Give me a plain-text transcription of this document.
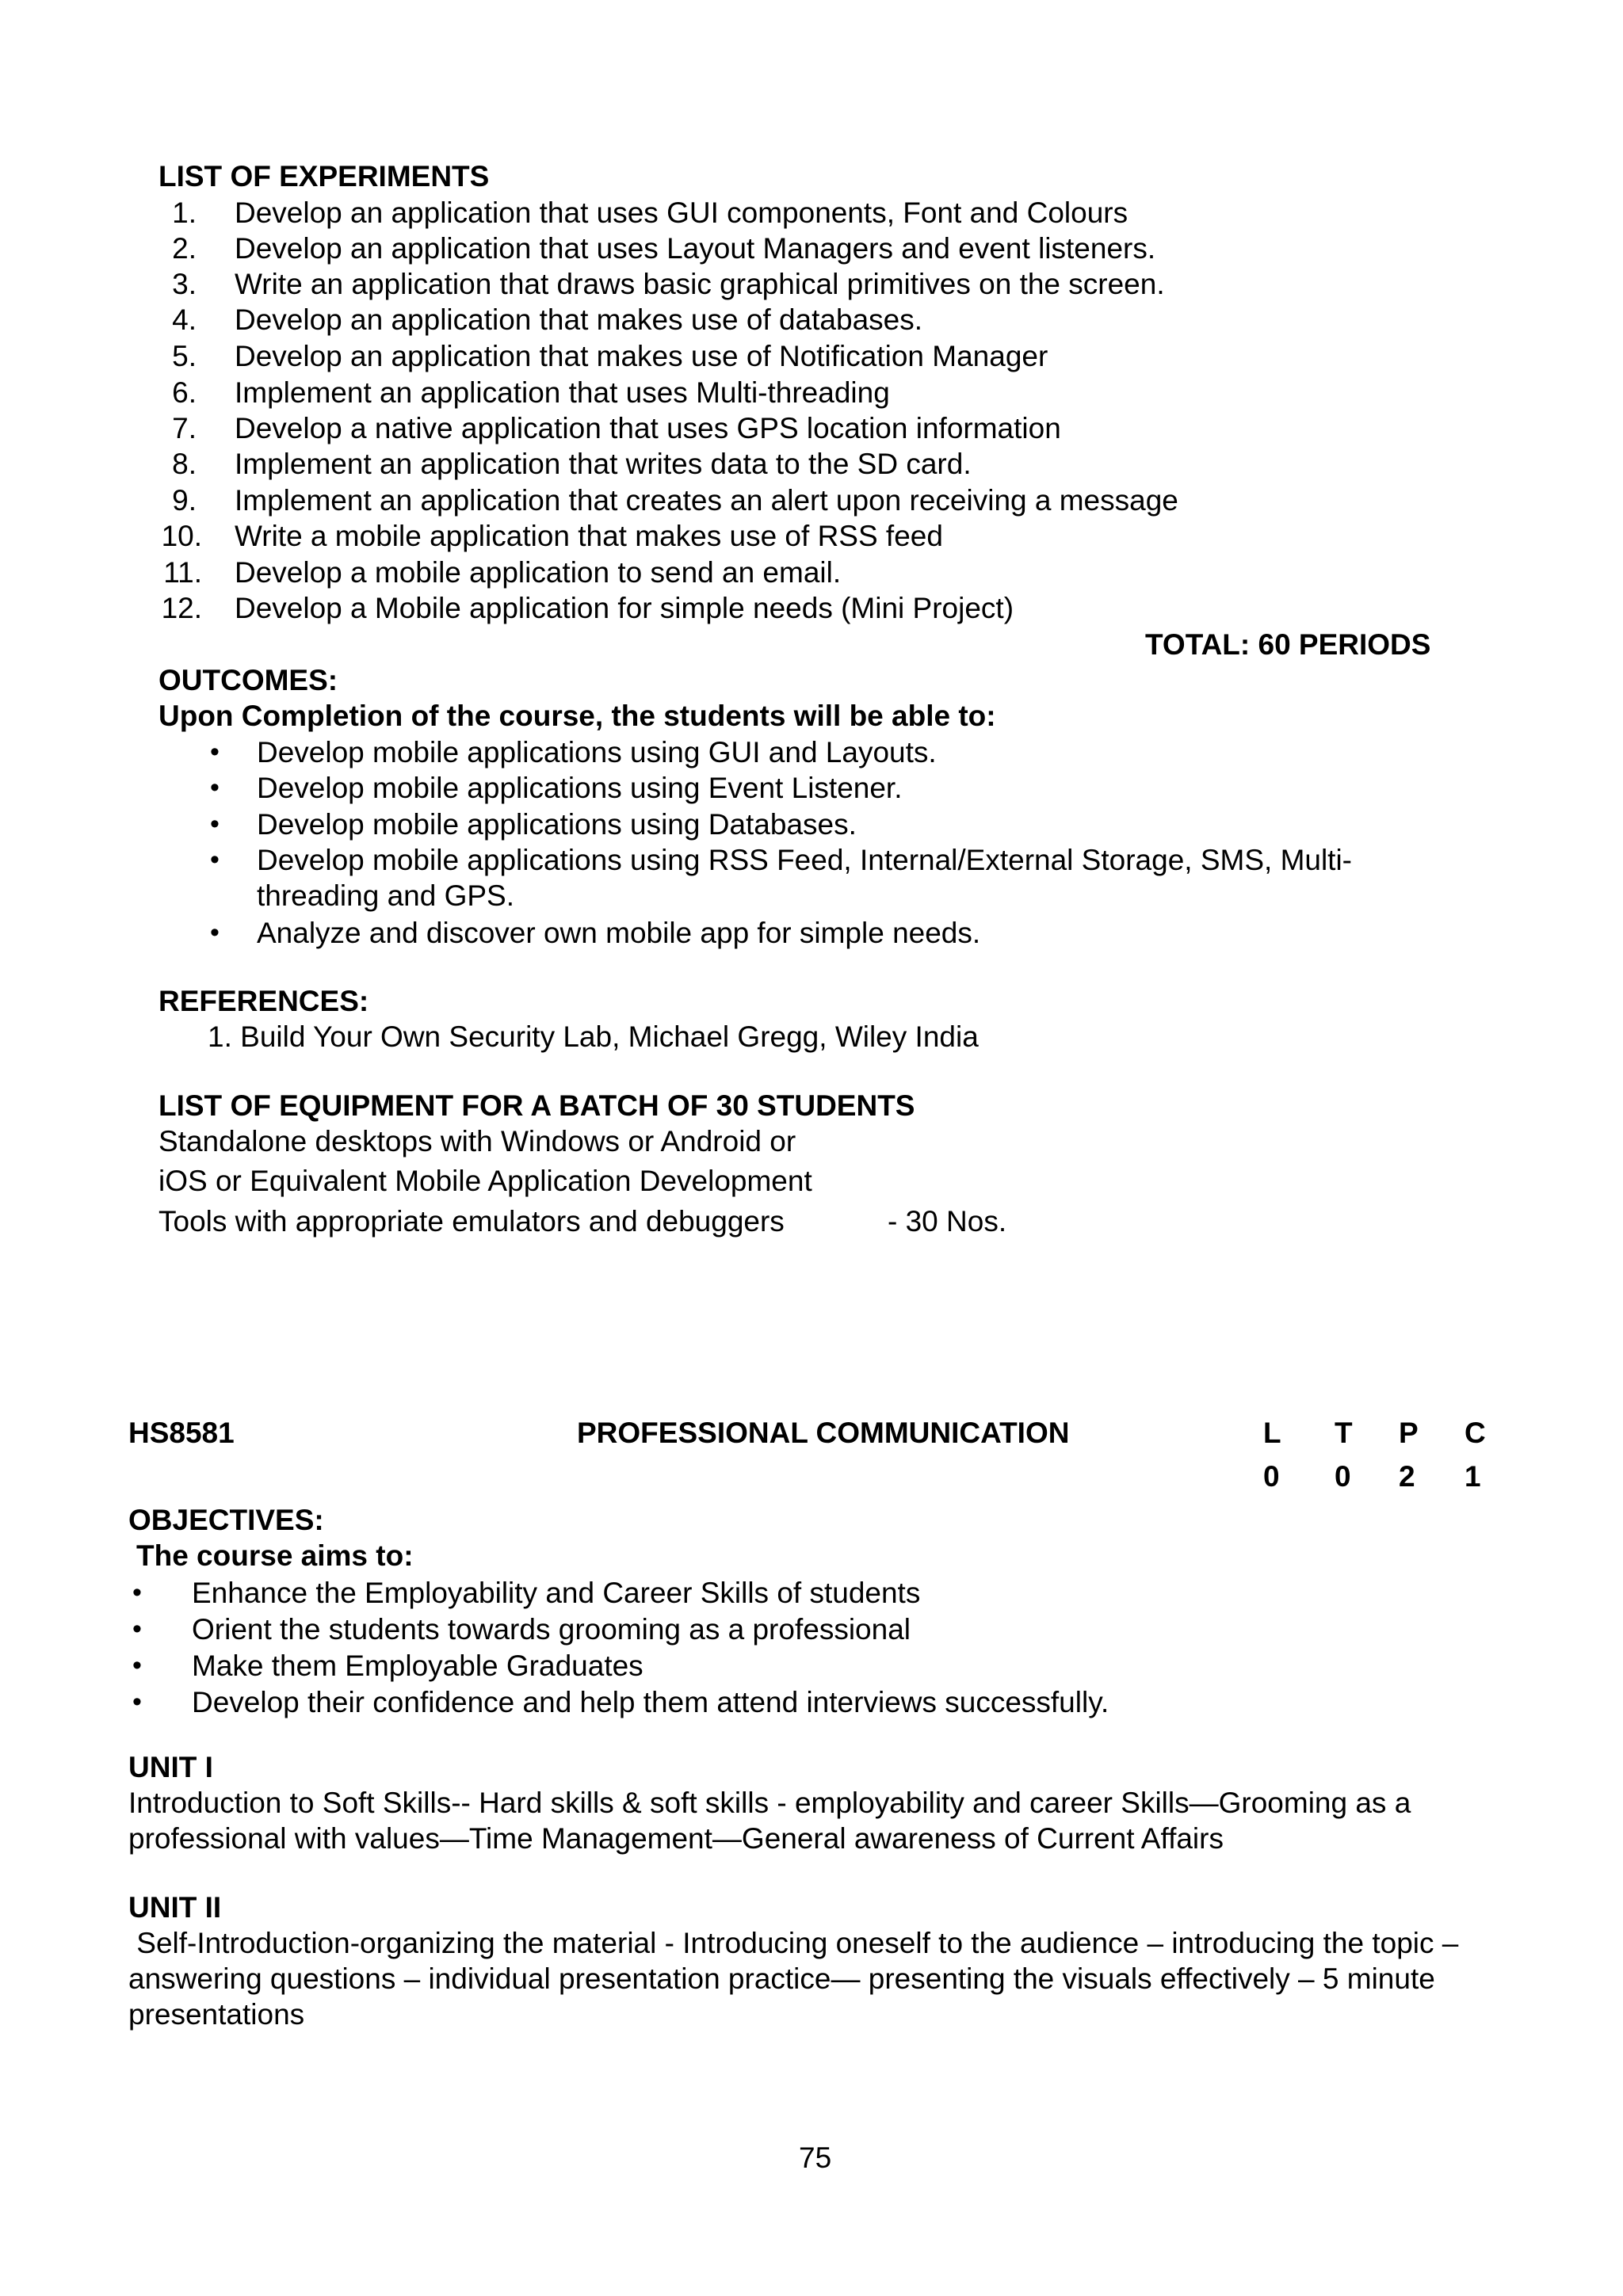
LIST OF EXPERIMENTS
1. Develop an application that uses GUI components, Font and Colours
2. Develop an application that uses Layout Managers and event listeners.
3. Write an application that draws basic graphical primitives on the screen.
4. Develop an application that makes use of databases.
5. Develop an application that makes use of Notification Manager
6. Implement an application that uses Multi-threading
7. Develop a native application that uses GPS location information
8. Implement an application that writes data to the SD card.
9. Implement an application that creates an alert upon receiving a message
10. Write a mobile application that makes use of RSS feed
11. Develop a mobile application to send an email.
12. Develop a Mobile application for simple needs (Mini Project)
TOTAL: 60 PERIODS
OUTCOMES:
Upon Completion of the course, the students will be able to:
• Develop mobile applications using GUI and Layouts.
• Develop mobile applications using Event Listener.
• Develop mobile applications using Databases.
• Develop mobile applications using RSS Feed, Internal/External Storage, SMS, Multi-
threading and GPS.
• Analyze and discover own mobile app for simple needs.
REFERENCES:
1. Build Your Own Security Lab, Michael Gregg, Wiley India
LIST OF EQUIPMENT FOR A BATCH OF 30 STUDENTS
Standalone desktops with Windows or Android or
iOS or Equivalent Mobile Application Development
Tools with appropriate emulators and debuggers	- 30 Nos.
HS8581	PROFESSIONAL COMMUNICATION	L T P C
0 0 2 1
OBJECTIVES:
The course aims to:
• Enhance the Employability and Career Skills of students
• Orient the students towards grooming as a professional
• Make them Employable Graduates
• Develop their confidence and help them attend interviews successfully.
UNIT I
Introduction to Soft Skills-- Hard skills & soft skills - employability and career Skills—Grooming as a
professional with values—Time Management—General awareness of Current Affairs
UNIT II
Self-Introduction-organizing the material - Introducing oneself to the audience – introducing the topic –
answering questions – individual presentation practice— presenting the visuals effectively – 5 minute
presentations
75
